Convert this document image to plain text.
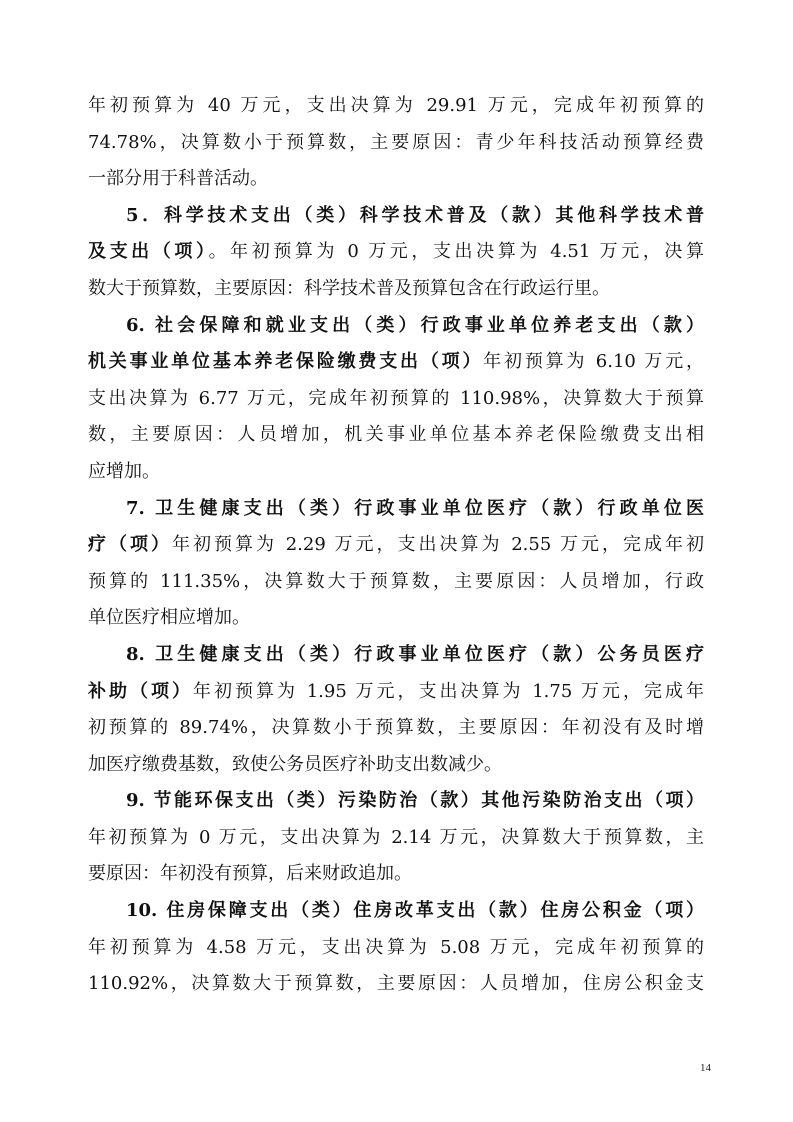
年初预算为 40 万元，支出决算为 29.91 万元，完成年初预算的
74.78%，决算数小于预算数，主要原因：青少年科技活动预算经费
一部分用于科普活动。
5．科学技术支出（类）科学技术普及（款）其他科学技术普
及支出（项）。年初预算为 0 万元，支出决算为 4.51 万元，决算
数大于预算数，主要原因：科学技术普及预算包含在行政运行里。
6. 社会保障和就业支出（类）行政事业单位养老支出（款）
机关事业单位基本养老保险缴费支出（项）年初预算为 6.10 万元，
支出决算为 6.77 万元，完成年初预算的 110.98%，决算数大于预算
数，主要原因：人员增加，机关事业单位基本养老保险缴费支出相
应增加。
7. 卫生健康支出（类）行政事业单位医疗（款）行政单位医
疗（项）年初预算为 2.29 万元，支出决算为 2.55 万元，完成年初
预算的 111.35%，决算数大于预算数，主要原因：人员增加，行政
单位医疗相应增加。
8. 卫生健康支出（类）行政事业单位医疗（款）公务员医疗
补助（项）年初预算为 1.95 万元，支出决算为 1.75 万元，完成年
初预算的 89.74%，决算数小于预算数，主要原因：年初没有及时增
加医疗缴费基数，致使公务员医疗补助支出数减少。
9. 节能环保支出（类）污染防治（款）其他污染防治支出（项）
年初预算为 0 万元，支出决算为 2.14 万元，决算数大于预算数，主
要原因：年初没有预算，后来财政追加。
10. 住房保障支出（类）住房改革支出（款）住房公积金（项）
年初预算为 4.58 万元，支出决算为 5.08 万元，完成年初预算的
110.92%，决算数大于预算数，主要原因：人员增加，住房公积金支
14
